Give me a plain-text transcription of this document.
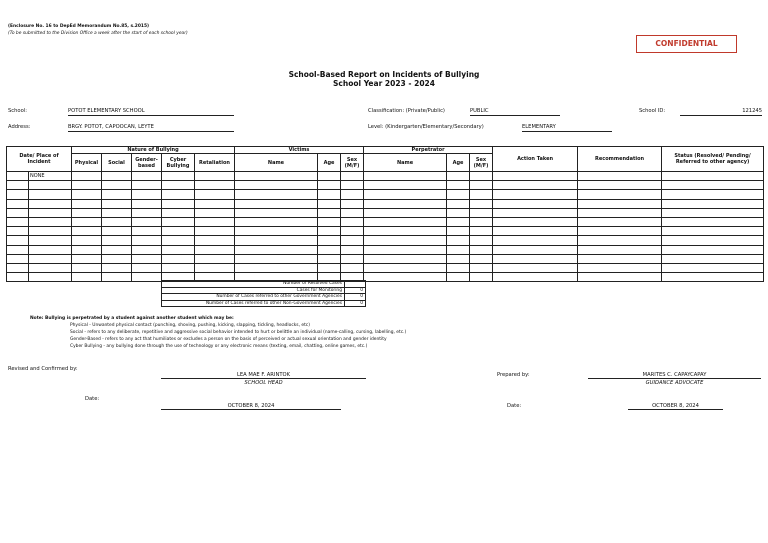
(Enclosure No. 16 to DepEd Memorandum No.85, s.2015)
(To be submitted to the Division Office a week after the start of each school year)
CONFIDENTIAL
School-Based Report on Incidents of Bullying
School Year 2023 - 2024
School:	POTOT ELEMENTARY SCHOOL	Classification: (Private/Public)	PUBLIC	School ID:	121245
Address:	BRGY. POTOT, CAPOOCAN, LEYTE	Level: (Kindergarten/Elementary/Secondary)	ELEMENTARY
Date/ Place of Incident		Nature of Bullying					Victims			Perpetrator			Action Taken	Recommendation	Status (Resolved/ Pending/ Referred to other agency)
		Physical	Social	Gender-based	Cyber Bullying	Retaliation	Name	Age	Sex (M/F)	Name	Age	Sex (M/F)			
	NONE														

Number of Resolved Cases	
Cases for Monitoring	0
Number of Cases referred to other Government Agencies	0
Number of Cases referred to other Non-Government Agencies	0
Note: Bullying is perpetrated by a student against another student which may be:
Physical - Unwanted physical contact (punching, shoving, pushing, kicking, slapping, tickling, headlocks, etc)
Social - refers to any deliberate, repetitive and aggressive social behavior intended to hurt or belittle an individual (name-calling, cursing, labelling, etc.)
Gender-Based - refers to any act that humiliates or excludes a person on the basis of perceived or actual sexual orientation and gender identity
Cyber Bullying - any bullying done through the use of technology or any electronic means (texting, email, chatting, online games, etc.)
Revised and Confirmed by:
LEA MAE F. ARINTOK
SCHOOL HEAD
Prepared by:	MARITES C. CAPAYCAPAY
GUIDANCE ADVOCATE
Date:
OCTOBER 8, 2024	Date:	OCTOBER 8, 2024
